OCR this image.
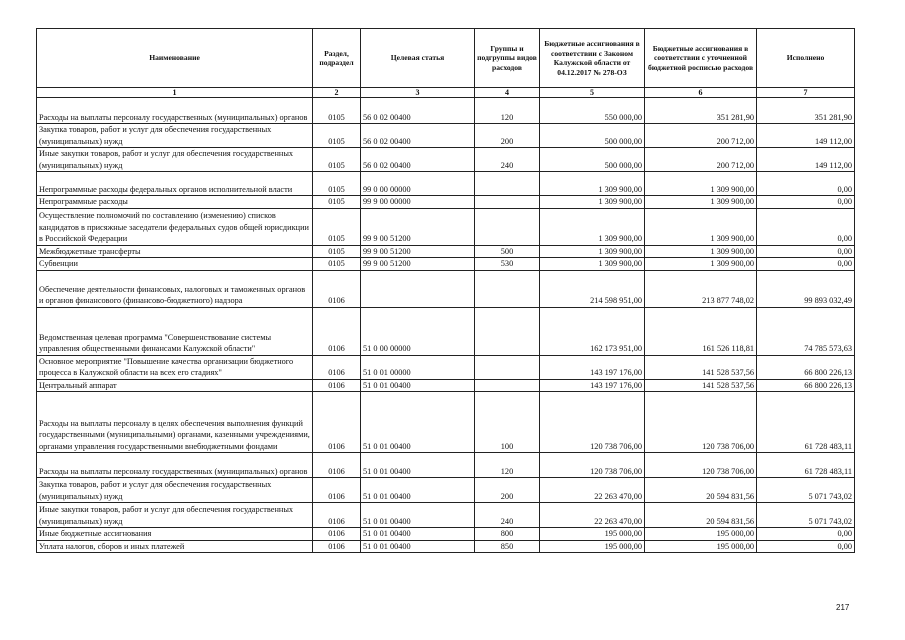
Наименование	Раздел, подраздел	Целевая статья	Группы и подгруппы видов расходов	Бюджетные ассигнования в соответствии с Законом Калужской области от 04.12.2017 № 278-ОЗ	Бюджетные ассигнования в соответствии с уточненной бюджетной росписью расходов	Исполнено
1	2	3	4	5	6	7
Расходы на выплаты персоналу государственных (муниципальных) органов	0105	56 0 02 00400	120	550 000,00	351 281,90	351 281,90
Закупка товаров, работ и услуг для обеспечения государственных (муниципальных) нужд	0105	56 0 02 00400	200	500 000,00	200 712,00	149 112,00
Иные закупки товаров, работ и услуг для обеспечения государственных (муниципальных) нужд	0105	56 0 02 00400	240	500 000,00	200 712,00	149 112,00
Непрограммные расходы федеральных органов исполнительной власти	0105	99 0 00 00000		1 309 900,00	1 309 900,00	0,00
Непрограммные расходы	0105	99 9 00 00000		1 309 900,00	1 309 900,00	0,00
Осуществление полномочий по составлению (изменению) списков кандидатов в присяжные заседатели федеральных судов общей юрисдикции в Российской Федерации	0105	99 9 00 51200		1 309 900,00	1 309 900,00	0,00
Межбюджетные трансферты	0105	99 9 00 51200	500	1 309 900,00	1 309 900,00	0,00
Субвенции	0105	99 9 00 51200	530	1 309 900,00	1 309 900,00	0,00
Обеспечение деятельности финансовых, налоговых и таможенных органов и органов финансового (финансово-бюджетного) надзора	0106			214 598 951,00	213 877 748,02	99 893 032,49
Ведомственная целевая программа "Совершенствование системы управления общественными финансами Калужской области"	0106	51 0 00 00000		162 173 951,00	161 526 118,81	74 785 573,63
Основное мероприятие "Повышение качества организации бюджетного процесса в Калужской области на всех его стадиях"	0106	51 0 01 00000		143 197 176,00	141 528 537,56	66 800 226,13
Центральный аппарат	0106	51 0 01 00400		143 197 176,00	141 528 537,56	66 800 226,13
Расходы на выплаты персоналу в целях обеспечения выполнения функций государственными (муниципальными) органами, казенными учреждениями, органами управления государственными внебюджетными фондами	0106	51 0 01 00400	100	120 738 706,00	120 738 706,00	61 728 483,11
Расходы на выплаты персоналу государственных (муниципальных) органов	0106	51 0 01 00400	120	120 738 706,00	120 738 706,00	61 728 483,11
Закупка товаров, работ и услуг для обеспечения государственных (муниципальных) нужд	0106	51 0 01 00400	200	22 263 470,00	20 594 831,56	5 071 743,02
Иные закупки товаров, работ и услуг для обеспечения государственных (муниципальных) нужд	0106	51 0 01 00400	240	22 263 470,00	20 594 831,56	5 071 743,02
Иные бюджетные ассигнования	0106	51 0 01 00400	800	195 000,00	195 000,00	0,00
Уплата налогов, сборов и иных платежей	0106	51 0 01 00400	850	195 000,00	195 000,00	0,00
217
